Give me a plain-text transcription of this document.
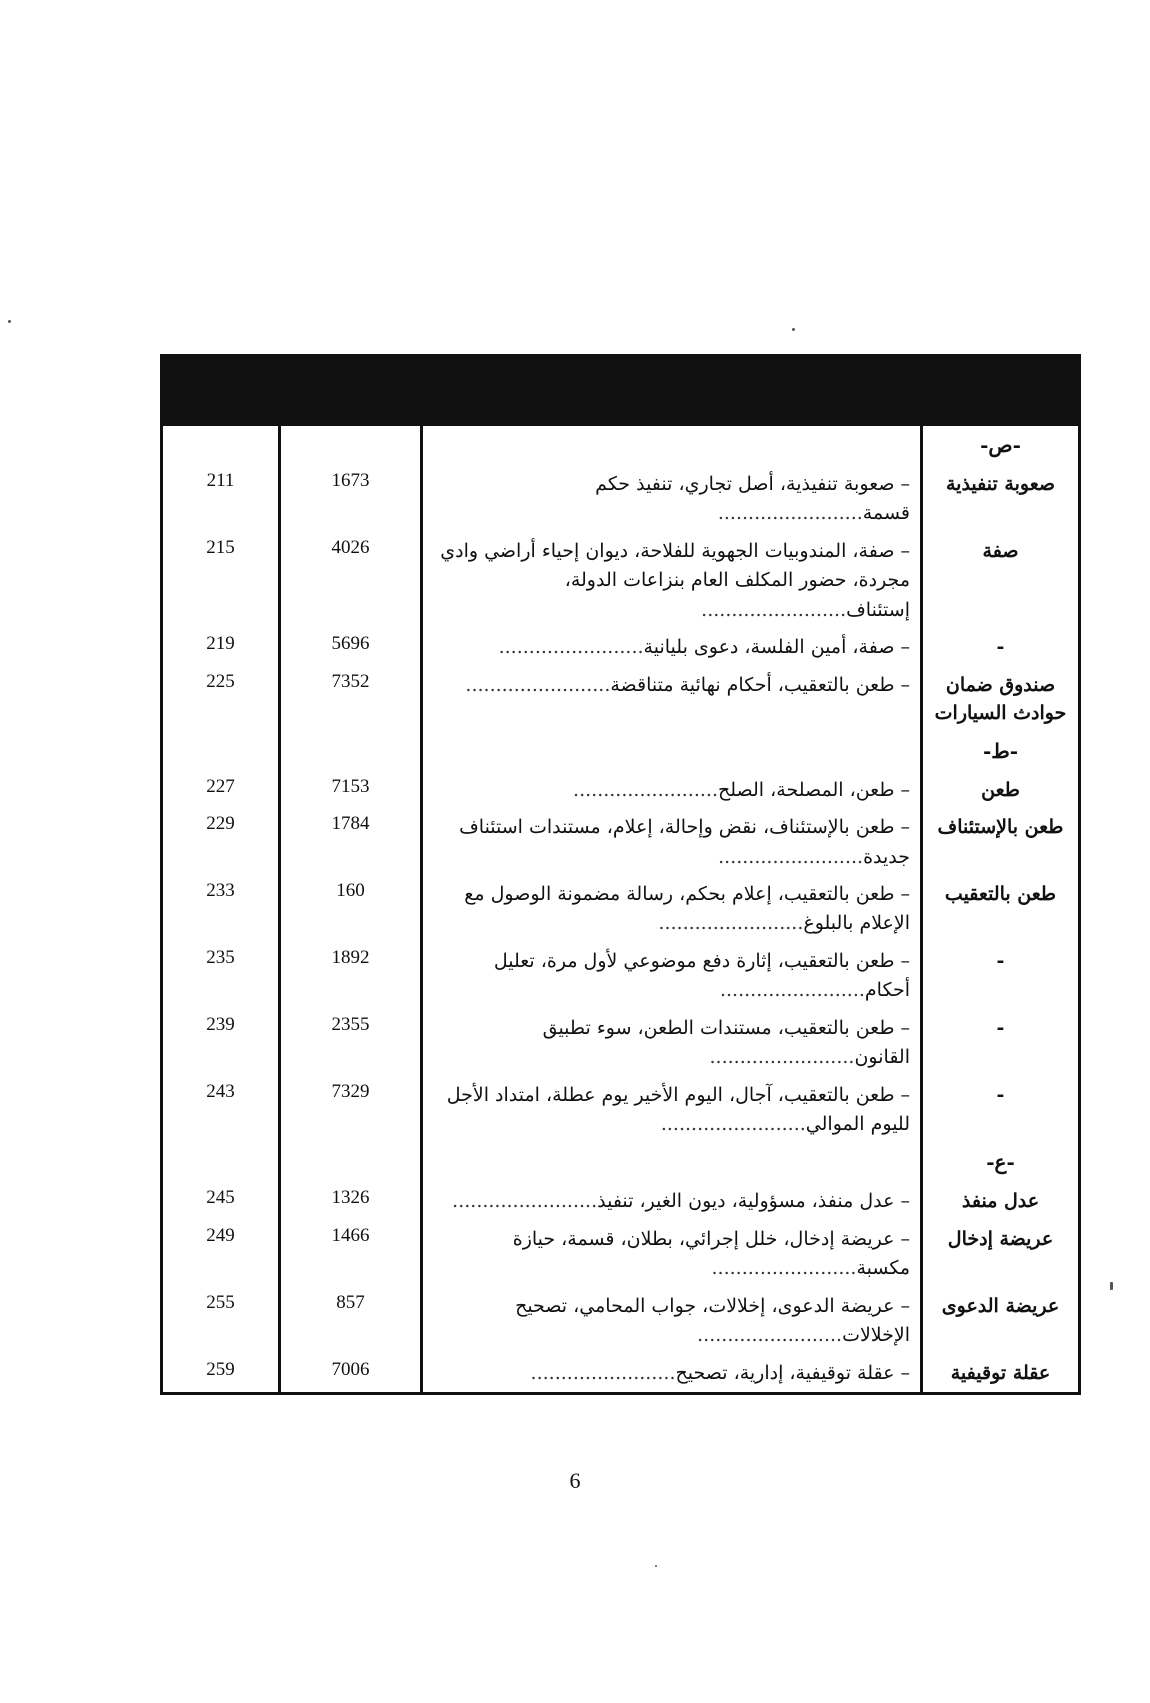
			-ص-
211	1673	– صعوبة تنفيذية، أصل تجاري، تنفيذ حكم قسمة........................	صعوبة تنفيذية
215	4026	– صفة، المندوبيات الجهوية للفلاحة، ديوان إحياء أراضي وادي مجردة، حضور المكلف العام بنزاعات الدولة، إستئناف........................	صفة
219	5696	– صفة، أمين الفلسة، دعوى بليانية........................	-
225	7352	– طعن بالتعقيب، أحكام نهائية متناقضة........................	صندوق ضمان حوادث السيارات
			-ط-
227	7153	– طعن، المصلحة، الصلح........................	طعن
229	1784	– طعن بالإستئناف، نقض وإحالة، إعلام، مستندات استئناف جديدة........................	طعن بالإستئناف
233	160	– طعن بالتعقيب، إعلام بحكم، رسالة مضمونة الوصول مع الإعلام بالبلوغ........................	طعن بالتعقيب
235	1892	– طعن بالتعقيب، إثارة دفع موضوعي لأول مرة، تعليل أحكام........................	-
239	2355	– طعن بالتعقيب، مستندات الطعن، سوء تطبيق القانون........................	-
243	7329	– طعن بالتعقيب، آجال، اليوم الأخير يوم عطلة، امتداد الأجل لليوم الموالي........................	-
			-ع-
245	1326	– عدل منفذ، مسؤولية، ديون الغير، تنفيذ........................	عدل منفذ
249	1466	– عريضة إدخال، خلل إجرائي، بطلان، قسمة، حيازة مكسبة........................	عريضة إدخال
255	857	– عريضة الدعوى، إخلالات، جواب المحامي، تصحيح الإخلالات........................	عريضة الدعوى
259	7006	– عقلة توقيفية، إدارية، تصحيح........................	عقلة توقيفية
6
